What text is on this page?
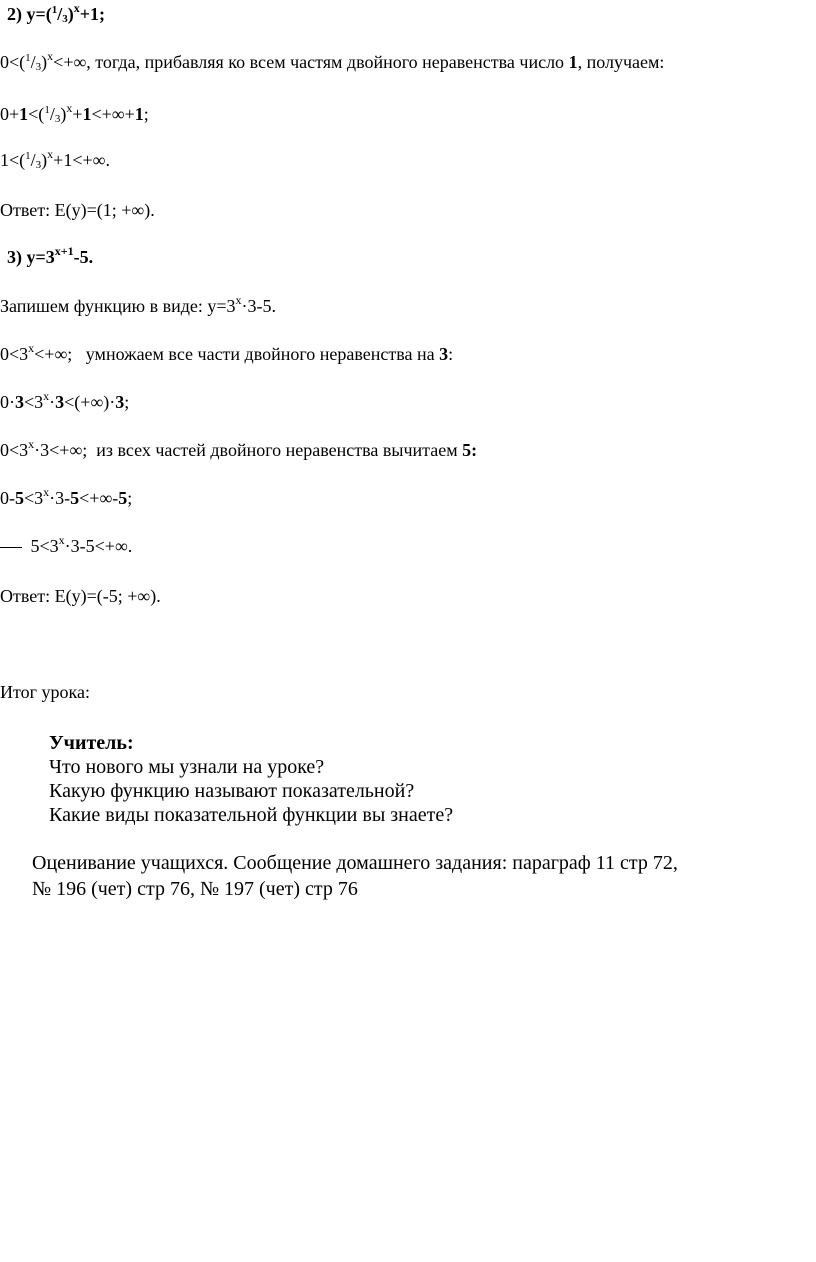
2) $y=(^1/_3)^x+1$;
$0<(^1/_3)^x<+\infty$, тогда, прибавляя ко всем частям двойного неравенства число 1, получаем:
$0+1<(^1/_3)^x+1<+\infty+1$;
$1<(^1/_3)^x+1<+\infty$.
Ответ: E(y)=(1; +∞).
3) $y=3^{x+1}-5$.
Запишем функцию в виде: $y=3^x\cdot 3-5$.
$0<3^x<+\infty$;   умножаем все части двойного неравенства на 3:
$0\cdot 3<3^x\cdot 3<(+\infty)\cdot 3$;
$0<3^x\cdot 3<+\infty$;  из всех частей двойного неравенства вычитаем 5:
$0-5<3^x\cdot 3-5<+\infty-5$;
$5<3^x\cdot 3-5<+\infty$.
Ответ: E(y)=(-5; +∞).
Итог урока:
Учитель:
Что нового мы узнали на уроке?
Какую функцию называют показательной?
Какие виды показательной функции вы знаете?
Оценивание учащихся. Сообщение домашнего задания: параграф 11 стр 72,
№ 196 (чет) стр 76, № 197 (чет) стр 76
